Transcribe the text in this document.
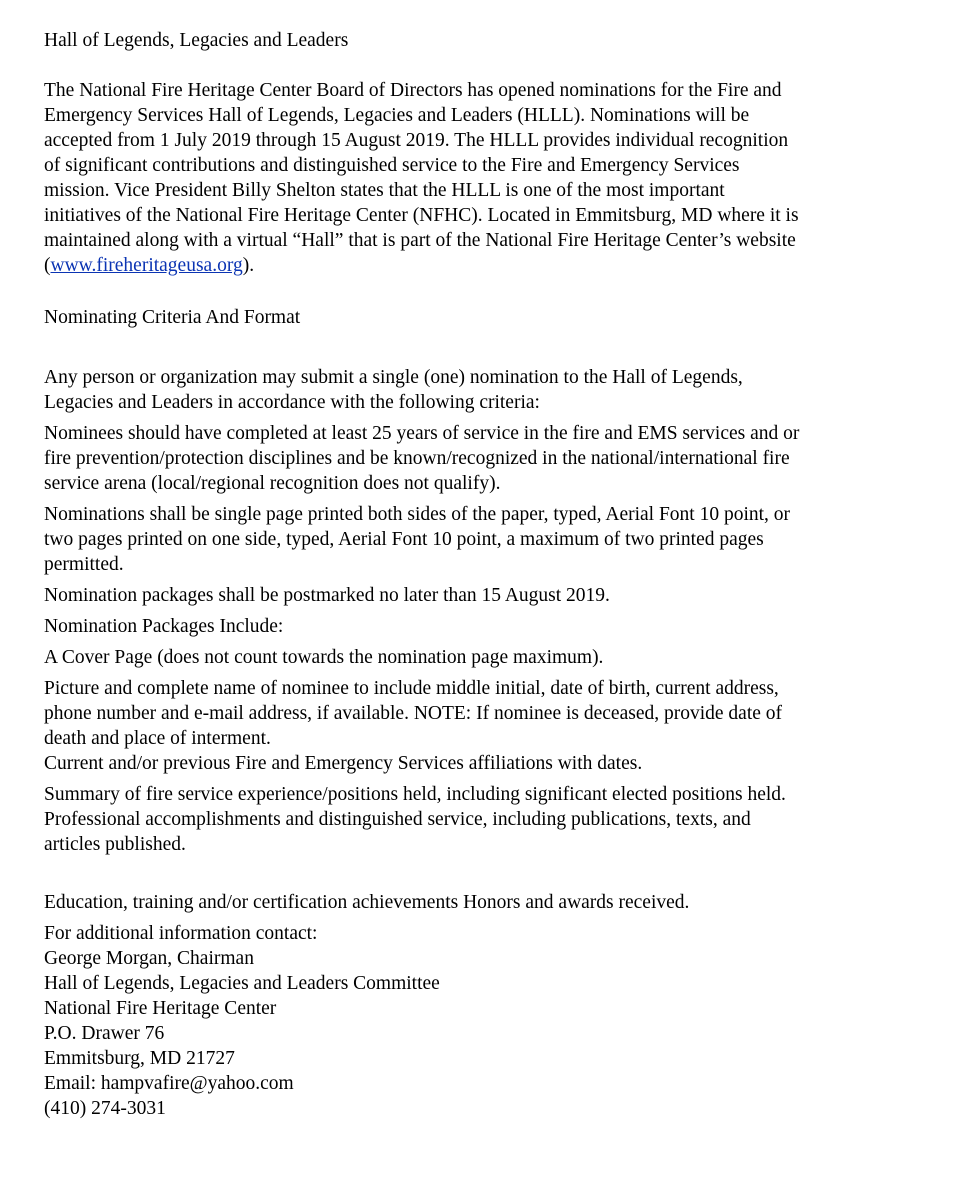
Hall of Legends, Legacies and Leaders
The National Fire Heritage Center Board of Directors has opened nominations for the Fire and
Emergency Services Hall of Legends, Legacies and Leaders (HLLL). Nominations will be
accepted from 1 July 2019 through 15 August 2019. The HLLL provides individual recognition
of significant contributions and distinguished service to the Fire and Emergency Services
mission. Vice President Billy Shelton states that the HLLL is one of the most important
initiatives of the National Fire Heritage Center (NFHC). Located in Emmitsburg, MD where it is
maintained along with a virtual “Hall” that is part of the National Fire Heritage Center’s website
(www.fireheritageusa.org).
Nominating Criteria And Format
Any person or organization may submit a single (one) nomination to the Hall of Legends,
Legacies and Leaders in accordance with the following criteria:
Nominees should have completed at least 25 years of service in the fire and EMS services and or
fire prevention/protection disciplines and be known/recognized in the national/international fire
service arena (local/regional recognition does not qualify).
Nominations shall be single page printed both sides of the paper, typed, Aerial Font 10 point, or
two pages printed on one side, typed, Aerial Font 10 point, a maximum of two printed pages
permitted.
Nomination packages shall be postmarked no later than 15 August 2019.
Nomination Packages Include:
A Cover Page (does not count towards the nomination page maximum).
Picture and complete name of nominee to include middle initial, date of birth, current address,
phone number and e-mail address, if available. NOTE: If nominee is deceased, provide date of
death and place of interment.
Current and/or previous Fire and Emergency Services affiliations with dates.
Summary of fire service experience/positions held, including significant elected positions held.
Professional accomplishments and distinguished service, including publications, texts, and
articles published.
Education, training and/or certification achievements Honors and awards received.
For additional information contact:
George Morgan, Chairman
Hall of Legends, Legacies and Leaders Committee
National Fire Heritage Center
P.O. Drawer 76
Emmitsburg, MD 21727
Email: hampvafire@yahoo.com
(410) 274-3031
